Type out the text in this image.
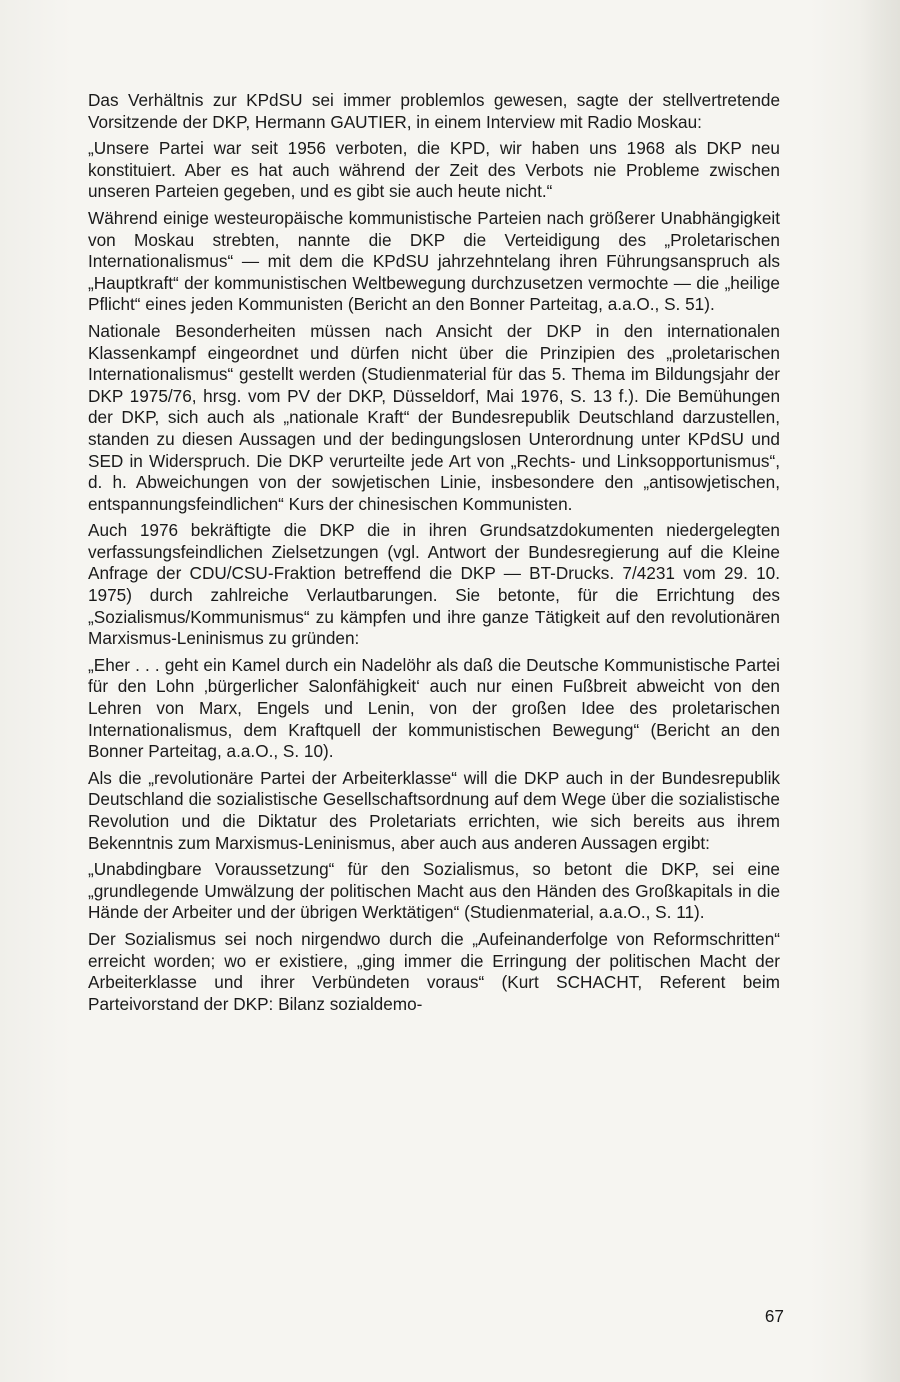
Das Verhältnis zur KPdSU sei immer problemlos gewesen, sagte der stellvertretende Vorsitzende der DKP, Hermann GAUTIER, in einem Interview mit Radio Moskau:

„Unsere Partei war seit 1956 verboten, die KPD, wir haben uns 1968 als DKP neu konstituiert. Aber es hat auch während der Zeit des Verbots nie Probleme zwischen unseren Parteien gegeben, und es gibt sie auch heute nicht.“

Während einige westeuropäische kommunistische Parteien nach größerer Unabhängigkeit von Moskau strebten, nannte die DKP die Verteidigung des „Proletarischen Internationalismus“ — mit dem die KPdSU jahrzehntelang ihren Führungsanspruch als „Hauptkraft“ der kommunistischen Weltbewegung durchzusetzen vermochte — die „heilige Pflicht“ eines jeden Kommunisten (Bericht an den Bonner Parteitag, a.a.O., S. 51).

Nationale Besonderheiten müssen nach Ansicht der DKP in den internationalen Klassenkampf eingeordnet und dürfen nicht über die Prinzipien des „proletarischen Internationalismus“ gestellt werden (Studienmaterial für das 5. Thema im Bildungsjahr der DKP 1975/76, hrsg. vom PV der DKP, Düsseldorf, Mai 1976, S. 13 f.). Die Bemühungen der DKP, sich auch als „nationale Kraft“ der Bundesrepublik Deutschland darzustellen, standen zu diesen Aussagen und der bedingungslosen Unterordnung unter KPdSU und SED in Widerspruch. Die DKP verurteilte jede Art von „Rechts- und Linksopportunismus“, d. h. Abweichungen von der sowjetischen Linie, insbesondere den „antisowjetischen, entspannungsfeindlichen“ Kurs der chinesischen Kommunisten.

Auch 1976 bekräftigte die DKP die in ihren Grundsatzdokumenten niedergelegten verfassungsfeindlichen Zielsetzungen (vgl. Antwort der Bundesregierung auf die Kleine Anfrage der CDU/CSU-Fraktion betreffend die DKP — BT-Drucks. 7/4231 vom 29. 10. 1975) durch zahlreiche Verlautbarungen. Sie betonte, für die Errichtung des „Sozialismus/Kommunismus“ zu kämpfen und ihre ganze Tätigkeit auf den revolutionären Marxismus-Leninismus zu gründen:

„Eher . . . geht ein Kamel durch ein Nadelöhr als daß die Deutsche Kommunistische Partei für den Lohn ‚bürgerlicher Salonfähigkeit‘ auch nur einen Fußbreit abweicht von den Lehren von Marx, Engels und Lenin, von der großen Idee des proletarischen Internationalismus, dem Kraftquell der kommunistischen Bewegung“ (Bericht an den Bonner Parteitag, a.a.O., S. 10).

Als die „revolutionäre Partei der Arbeiterklasse“ will die DKP auch in der Bundesrepublik Deutschland die sozialistische Gesellschaftsordnung auf dem Wege über die sozialistische Revolution und die Diktatur des Proletariats errichten, wie sich bereits aus ihrem Bekenntnis zum Marxismus-Leninismus, aber auch aus anderen Aussagen ergibt:

„Unabdingbare Voraussetzung“ für den Sozialismus, so betont die DKP, sei eine „grundlegende Umwälzung der politischen Macht aus den Händen des Großkapitals in die Hände der Arbeiter und der übrigen Werktätigen“ (Studienmaterial, a.a.O., S. 11).

Der Sozialismus sei noch nirgendwo durch die „Aufeinanderfolge von Reformschritten“ erreicht worden; wo er existiere, „ging immer die Erringung der politischen Macht der Arbeiterklasse und ihrer Verbündeten voraus“ (Kurt SCHACHT, Referent beim Parteivorstand der DKP: Bilanz sozialdemo-

67
